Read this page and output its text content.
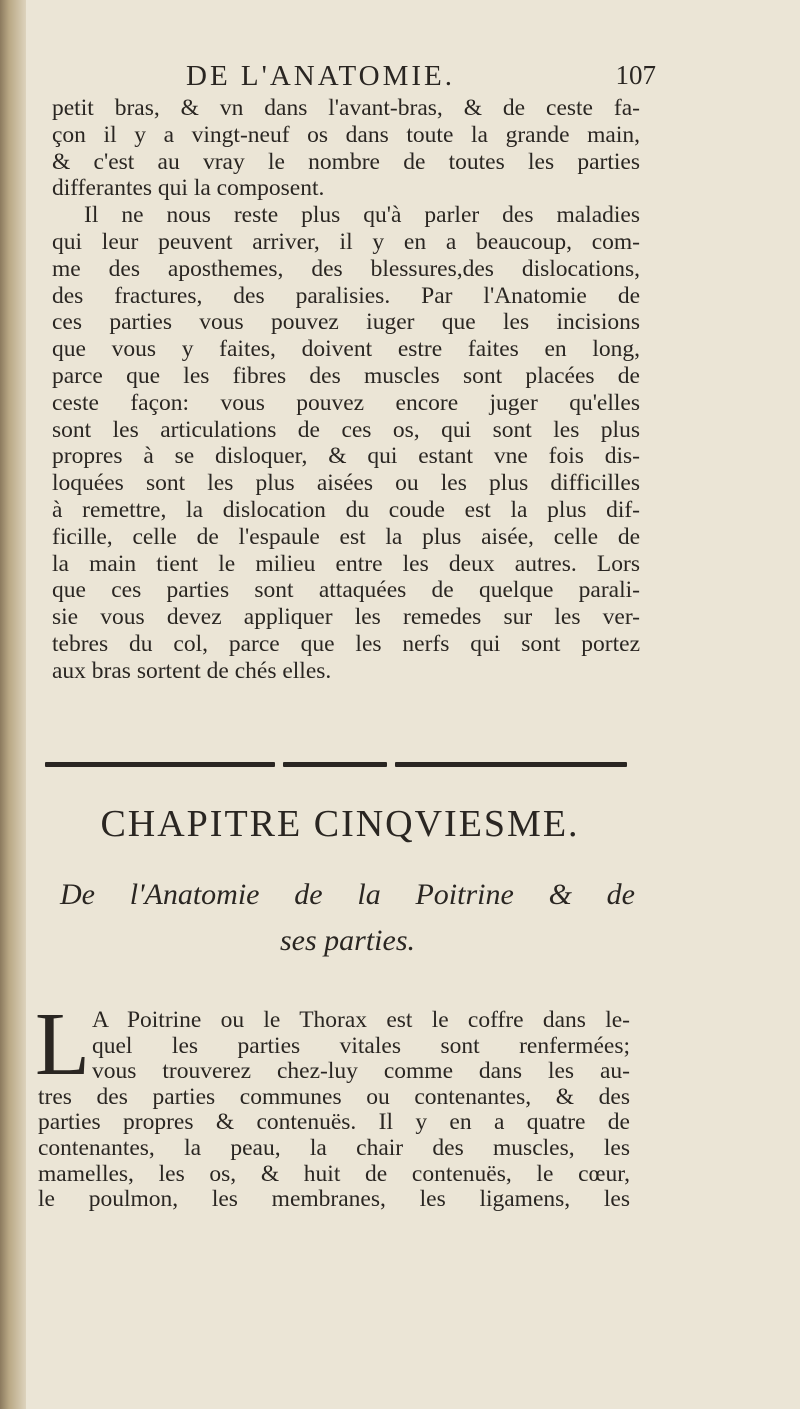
DE L'ANATOMIE.	107

petit bras, & vn dans l'avant-bras, & de ceste fa-

çon il y a vingt-neuf os dans toute la grande main,

& c'est au vray le nombre de toutes les parties

differantes qui la composent.

Il ne nous reste plus qu'à parler des maladies

qui leur peuvent arriver, il y en a beaucoup, com-

me des aposthemes, des blessures,des dislocations,

des fractures, des paralisies. Par l'Anatomie de

ces parties vous pouvez iuger que les incisions

que vous y faites, doivent estre faites en long,

parce que les fibres des muscles sont placées de

ceste façon: vous pouvez encore juger qu'elles

sont les articulations de ces os, qui sont les plus

propres à se disloquer, & qui estant vne fois dis-

loquées sont les plus aisées ou les plus difficilles

à remettre, la dislocation du coude est la plus dif-

ficille, celle de l'espaule est la plus aisée, celle de

la main tient le milieu entre les deux autres. Lors

que ces parties sont attaquées de quelque parali-

sie vous devez appliquer les remedes sur les ver-

tebres du col, parce que les nerfs qui sont portez

aux bras sortent de chés elles.

CHAPITRE CINQVIESME.
De l'Anatomie de la Poitrine & de
ses parties.
L A Poitrine ou le Thorax est le coffre dans le-

quel les parties vitales sont renfermées;

vous trouverez chez-luy comme dans les au-

tres des parties communes ou contenantes, & des

parties propres & contenuës. Il y en a quatre de

contenantes, la peau, la chair des muscles, les

mamelles, les os, & huit de contenuës, le cœur,

le poulmon, les membranes, les ligamens, les
